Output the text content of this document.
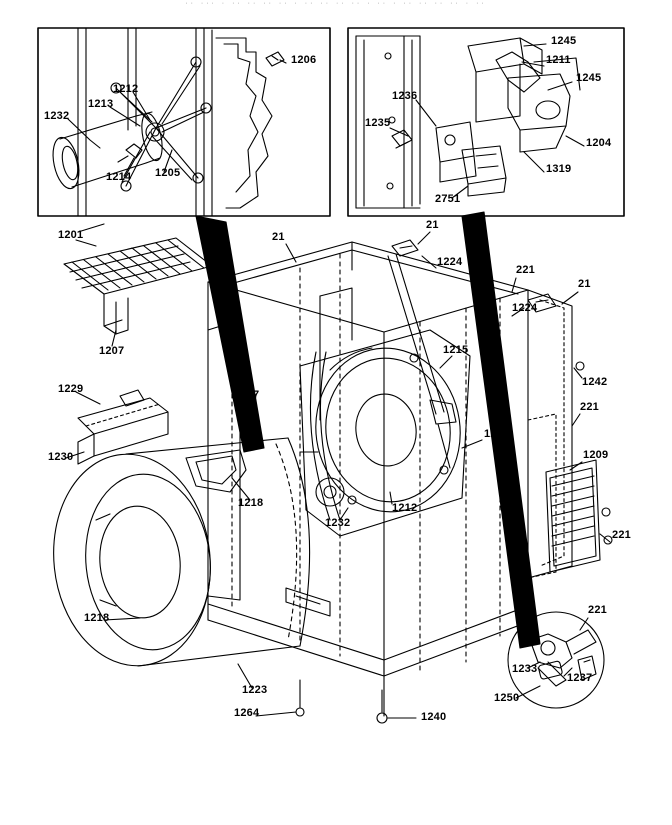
·· ··· · ·· ·· ·· ·· · ·· ·· ·· ·· · ·· · ·· ·· ·· ·· · ··
1206
1212
1213
1232
1214 1205
1245
1211
1245
1236
1235
1204
1319
2751
1201	21
21
1224
221
21
1224
1207	1215
1242
1229	1217
221
1213
1230	1209
1218	1212
1232
221
1218
221
1233
1237
1223
1264	1240
1250
